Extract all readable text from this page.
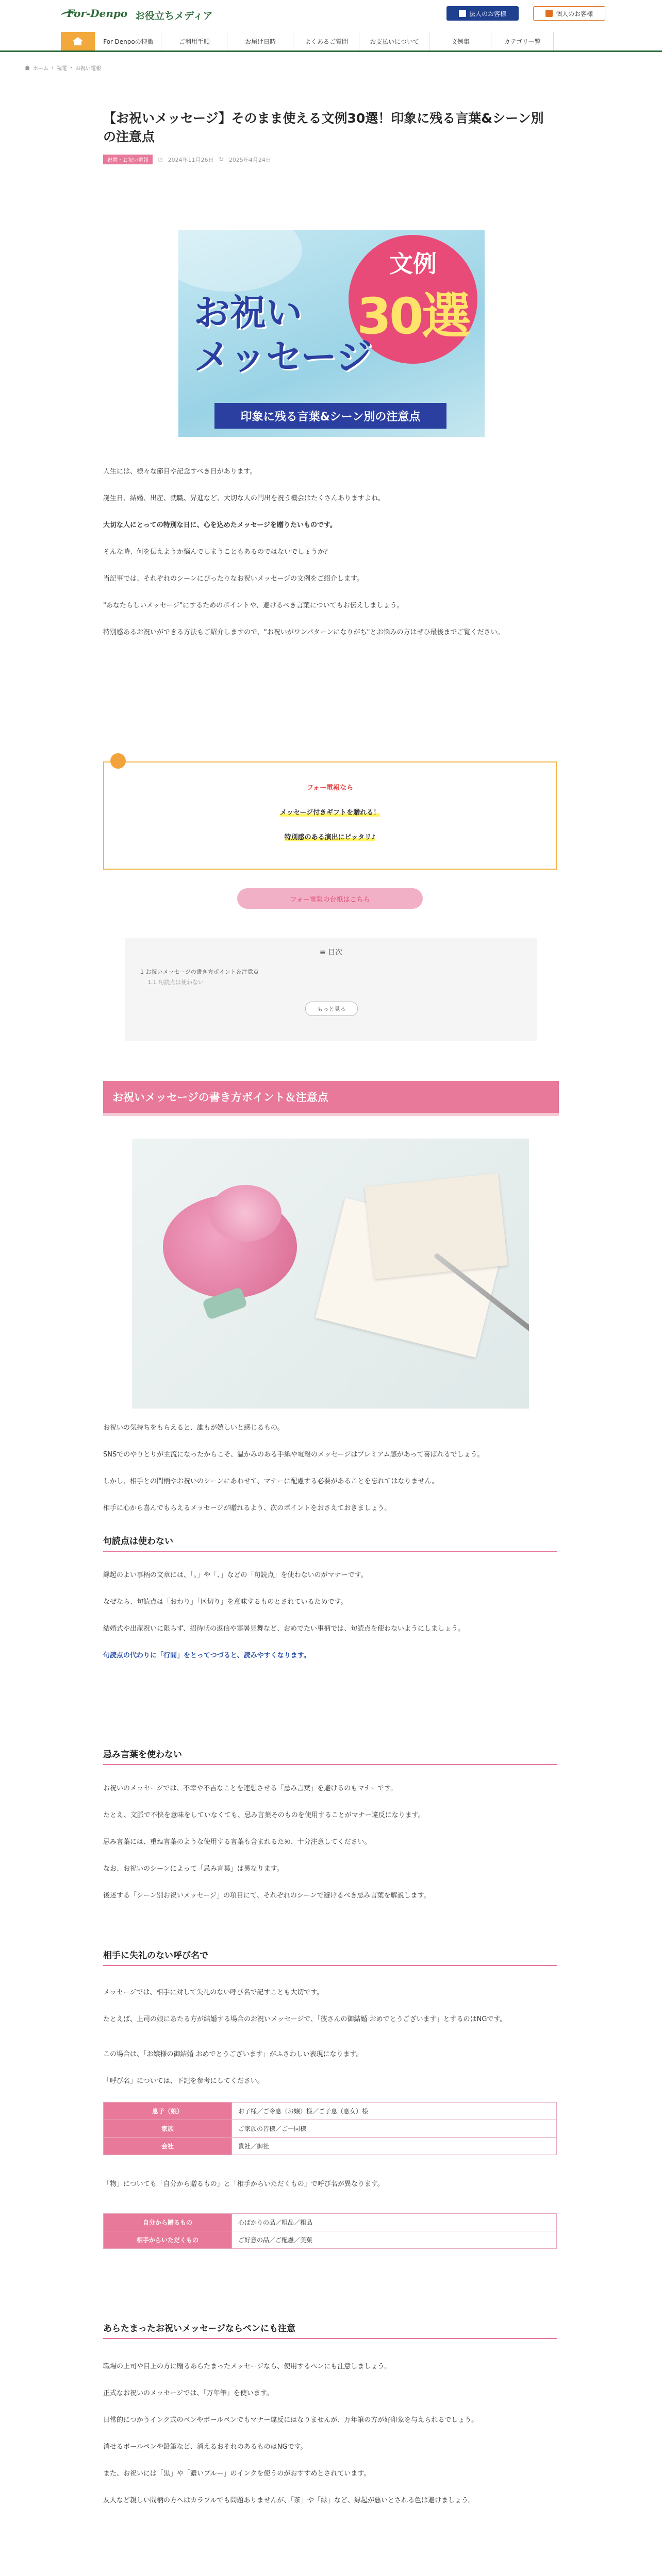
For-Denpo お役立ちメディア	法人のお客様	個人のお客様
For-Denpoの特徴	ご利用手順	お届け日時	よくあるご質問	お支払いについて	文例集	カテゴリ一覧
ホーム › 祝電 › お祝い電報
【お祝いメッセージ】そのまま使える文例30選！印象に残る言葉&シーン別の注意点
祝電・お祝い電報	◷ 2024年11月26日 ↻ 2025年4月24日
文例
30選
お祝い
メッセージ
印象に残る言葉&シーン別の注意点
人生には、様々な節目や記念すべき日があります。
誕生日、結婚、出産、就職、昇進など、大切な人の門出を祝う機会はたくさんありますよね。
大切な人にとっての特別な日に、心を込めたメッセージを贈りたいものです。
そんな時、何を伝えようか悩んでしまうこともあるのではないでしょうか？
当記事では、それぞれのシーンにぴったりなお祝いメッセージの文例をご紹介します。
"あなたらしいメッセージ"にするためのポイントや、避けるべき言葉についてもお伝えしましょう。
特別感あるお祝いができる方法もご紹介しますので、"お祝いがワンパターンになりがち"とお悩みの方はぜひ最後までご覧ください。
フォー電報なら
メッセージ付きギフトを贈れる！
特別感のある演出にピッタリ♪
フォー電報の台紙はこちら
≡ 目次
1 お祝いメッセージの書き方ポイント＆注意点
1.1 句読点は使わない
もっと見る
お祝いメッセージの書き方ポイント＆注意点
お祝いの気持ちをもらえると、誰もが嬉しいと感じるもの。
SNSでのやりとりが主流になったからこそ、温かみのある手紙や電報のメッセージはプレミアム感があって喜ばれるでしょう。
しかし、相手との間柄やお祝いのシーンにあわせて、マナーに配慮する必要があることを忘れてはなりません。
相手に心から喜んでもらえるメッセージが贈れるよう、次のポイントをおさえておきましょう。
句読点は使わない
縁起のよい事柄の文章には、「。」や「、」などの「句読点」を使わないのがマナーです。
なぜなら、句読点は「おわり」「区切り」を意味するものとされているためです。
結婚式や出産祝いに限らず、招待状の返信や寒暑見舞など、おめでたい事柄では、句読点を使わないようにしましょう。
句読点の代わりに「行間」をとってつづると、読みやすくなります。
忌み言葉を使わない
お祝いのメッセージでは、不幸や不吉なことを連想させる「忌み言葉」を避けるのもマナーです。
たとえ、文脈で不快を意味をしていなくても、忌み言葉そのものを使用することがマナー違反になります。
忌み言葉には、重ね言葉のような使用する言葉も含まれるため、十分注意してください。
なお、お祝いのシーンによって「忌み言葉」は異なります。
後述する「シーン別お祝いメッセージ」の項目にて、それぞれのシーンで避けるべき忌み言葉を解説します。
相手に失礼のない呼び名で
メッセージでは、相手に対して失礼のない呼び名で記すことも大切です。
たとえば、上司の娘にあたる方が結婚する場合のお祝いメッセージで、「彼さんの御結婚 おめでとうございます」とするのはNGです。
この場合は、「お嬢様の御結婚 おめでとうございます」がふさわしい表現になります。
「呼び名」については、下記を参考にしてください。
息子（娘）	お子様／ご令息（お嬢）様／ご子息（息女）様
家族	ご家族の皆様／ご一同様
会社	貴社／御社
「物」についても「自分から贈るもの」と「相手からいただくもの」で呼び名が異なります。
自分から贈るもの	心ばかりの品／粗品／粗品
相手からいただくもの	ご好意の品／ご配慮／美菓
あらたまったお祝いメッセージならペンにも注意
職場の上司や目上の方に贈るあらたまったメッセージなら、使用するペンにも注意しましょう。
正式なお祝いのメッセージでは、「万年筆」を使います。
日常的につかうインク式のペンやボールペンでもマナー違反にはなりませんが、万年筆の方が好印象を与えられるでしょう。
消せるボールペンや鉛筆など、消えるおそれのあるものはNGです。
また、お祝いには「黒」や「濃いブルー」のインクを使うのがおすすめとされています。
友人など親しい間柄の方へはカラフルでも問題ありませんが、「茶」や「緑」など、縁起が悪いとされる色は避けましょう。
